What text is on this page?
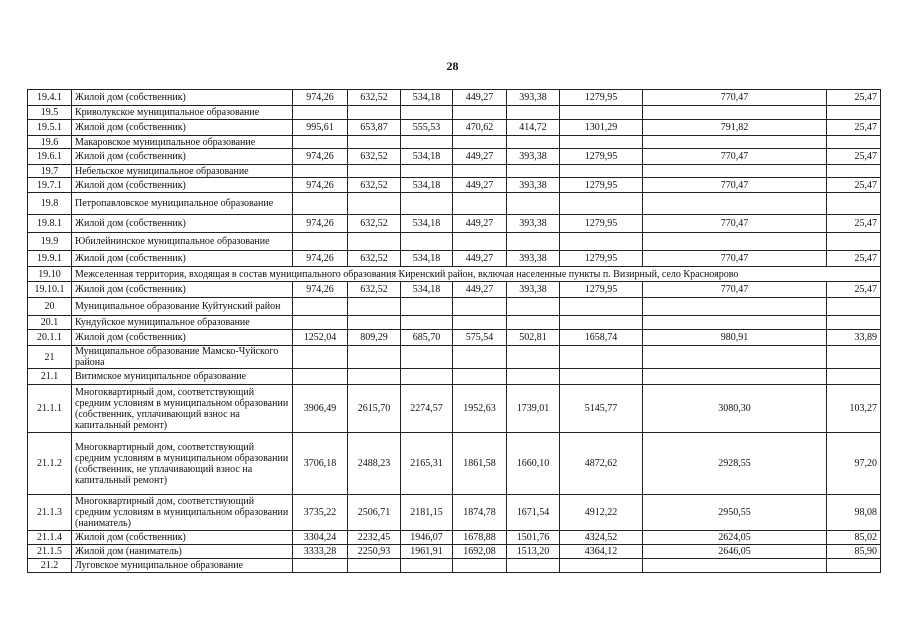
28
19.4.1	Жилой дом (собственник)	974,26	632,52	534,18	449,27	393,38	1279,95	770,47	25,47
19.5	Криволукское муниципальное образование								
19.5.1	Жилой дом (собственник)	995,61	653,87	555,53	470,62	414,72	1301,29	791,82	25,47
19.6	Макаровское муниципальное образование								
19.6.1	Жилой дом (собственник)	974,26	632,52	534,18	449,27	393,38	1279,95	770,47	25,47
19.7	Небельское муниципальное образование								
19.7.1	Жилой дом (собственник)	974,26	632,52	534,18	449,27	393,38	1279,95	770,47	25,47
19.8	Петропавловское муниципальное образование								
19.8.1	Жилой дом (собственник)	974,26	632,52	534,18	449,27	393,38	1279,95	770,47	25,47
19.9	Юбилейнинское муниципальное образование								
19.9.1	Жилой дом (собственник)	974,26	632,52	534,18	449,27	393,38	1279,95	770,47	25,47
19.10	Межселенная территория, входящая в состав муниципального образования Киренский район, включая населенные пункты п. Визирный, село Красноярово								
19.10.1	Жилой дом (собственник)	974,26	632,52	534,18	449,27	393,38	1279,95	770,47	25,47
20	Муниципальное образование Куйтунский район								
20.1	Кундуйское муниципальное образование								
20.1.1	Жилой дом (собственник)	1252,04	809,29	685,70	575,54	502,81	1658,74	980,91	33,89
21	Муниципальное образование Мамско-Чуйского района								
21.1	Витимское муниципальное образование								
21.1.1	Многоквартирный дом, соответствующий средним условиям в муниципальном образовании (собственник, уплачивающий взнос на капитальный ремонт)	3906,49	2615,70	2274,57	1952,63	1739,01	5145,77	3080,30	103,27
21.1.2	Многоквартирный дом, соответствующий средним условиям в муниципальном образовании (собственник, не уплачивающий взнос на капитальный ремонт)	3706,18	2488,23	2165,31	1861,58	1660,10	4872,62	2928,55	97,20
21.1.3	Многоквартирный дом, соответствующий средним условиям в муниципальном образовании (наниматель)	3735,22	2506,71	2181,15	1874,78	1671,54	4912,22	2950,55	98,08
21.1.4	Жилой дом (собственник)	3304,24	2232,45	1946,07	1678,88	1501,76	4324,52	2624,05	85,02
21.1.5	Жилой дом (наниматель)	3333,28	2250,93	1961,91	1692,08	1513,20	4364,12	2646,05	85,90
21.2	Луговское муниципальное образование								
